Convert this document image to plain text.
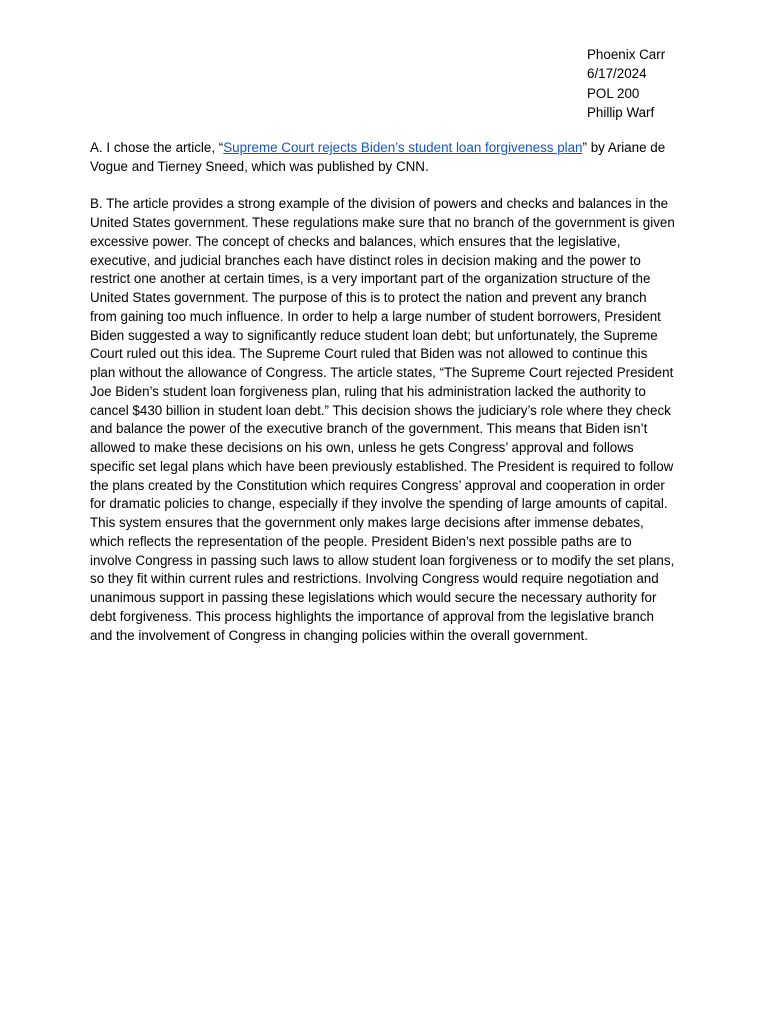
Phoenix Carr
6/17/2024
POL 200
Phillip Warf

A. I chose the article, “Supreme Court rejects Biden’s student loan forgiveness plan” by Ariane de Vogue and Tierney Sneed, which was published by CNN.

B. The article provides a strong example of the division of powers and checks and balances in the United States government. These regulations make sure that no branch of the government is given excessive power. The concept of checks and balances, which ensures that the legislative, executive, and judicial branches each have distinct roles in decision making and the power to restrict one another at certain times, is a very important part of the organization structure of the United States government. The purpose of this is to protect the nation and prevent any branch from gaining too much influence. In order to help a large number of student borrowers, President Biden suggested a way to significantly reduce student loan debt; but unfortunately, the Supreme Court ruled out this idea. The Supreme Court ruled that Biden was not allowed to continue this plan without the allowance of Congress. The article states, “The Supreme Court rejected President Joe Biden’s student loan forgiveness plan, ruling that his administration lacked the authority to cancel $430 billion in student loan debt.” This decision shows the judiciary’s role where they check and balance the power of the executive branch of the government. This means that Biden isn’t allowed to make these decisions on his own, unless he gets Congress’ approval and follows specific set legal plans which have been previously established. The President is required to follow the plans created by the Constitution which requires Congress’ approval and cooperation in order for dramatic policies to change, especially if they involve the spending of large amounts of capital. This system ensures that the government only makes large decisions after immense debates, which reflects the representation of the people. President Biden’s next possible paths are to involve Congress in passing such laws to allow student loan forgiveness or to modify the set plans, so they fit within current rules and restrictions. Involving Congress would require negotiation and unanimous support in passing these legislations which would secure the necessary authority for debt forgiveness. This process highlights the importance of approval from the legislative branch and the involvement of Congress in changing policies within the overall government.
